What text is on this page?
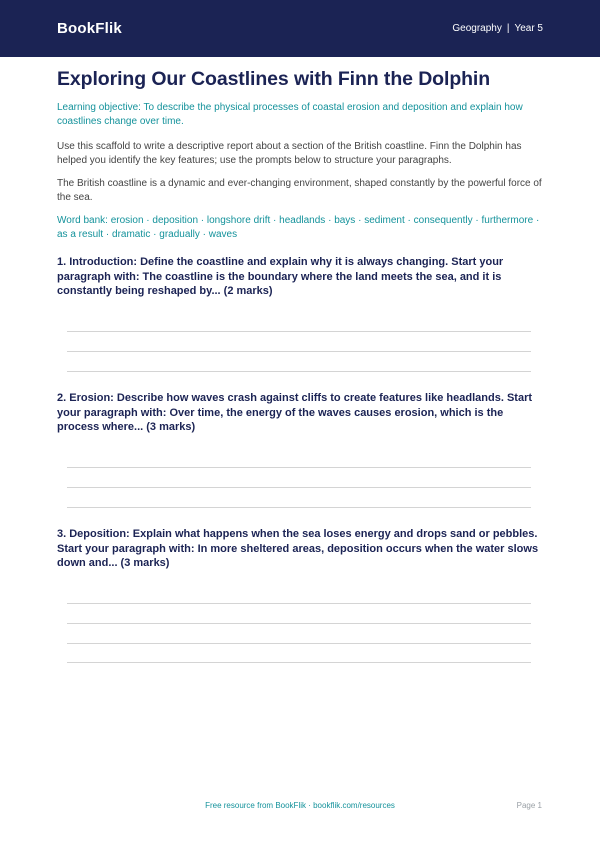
BookFlik	Geography | Year 5
Exploring Our Coastlines with Finn the Dolphin

Learning objective: To describe the physical processes of coastal erosion and deposition and explain how coastlines change over time.

Use this scaffold to write a descriptive report about a section of the British coastline. Finn the Dolphin has helped you identify the key features; use the prompts below to structure your paragraphs.

The British coastline is a dynamic and ever-changing environment, shaped constantly by the powerful force of the sea.

Word bank: erosion · deposition · longshore drift · headlands · bays · sediment · consequently · furthermore · as a result · dramatic · gradually · waves

1. Introduction: Define the coastline and explain why it is always changing. Start your paragraph with: The coastline is the boundary where the land meets the sea, and it is constantly being reshaped by... (2 marks)

2. Erosion: Describe how waves crash against cliffs to create features like headlands. Start your paragraph with: Over time, the energy of the waves causes erosion, which is the process where... (3 marks)

3. Deposition: Explain what happens when the sea loses energy and drops sand or pebbles. Start your paragraph with: In more sheltered areas, deposition occurs when the water slows down and... (3 marks)

Free resource from BookFlik · bookflik.com/resources	Page 1
